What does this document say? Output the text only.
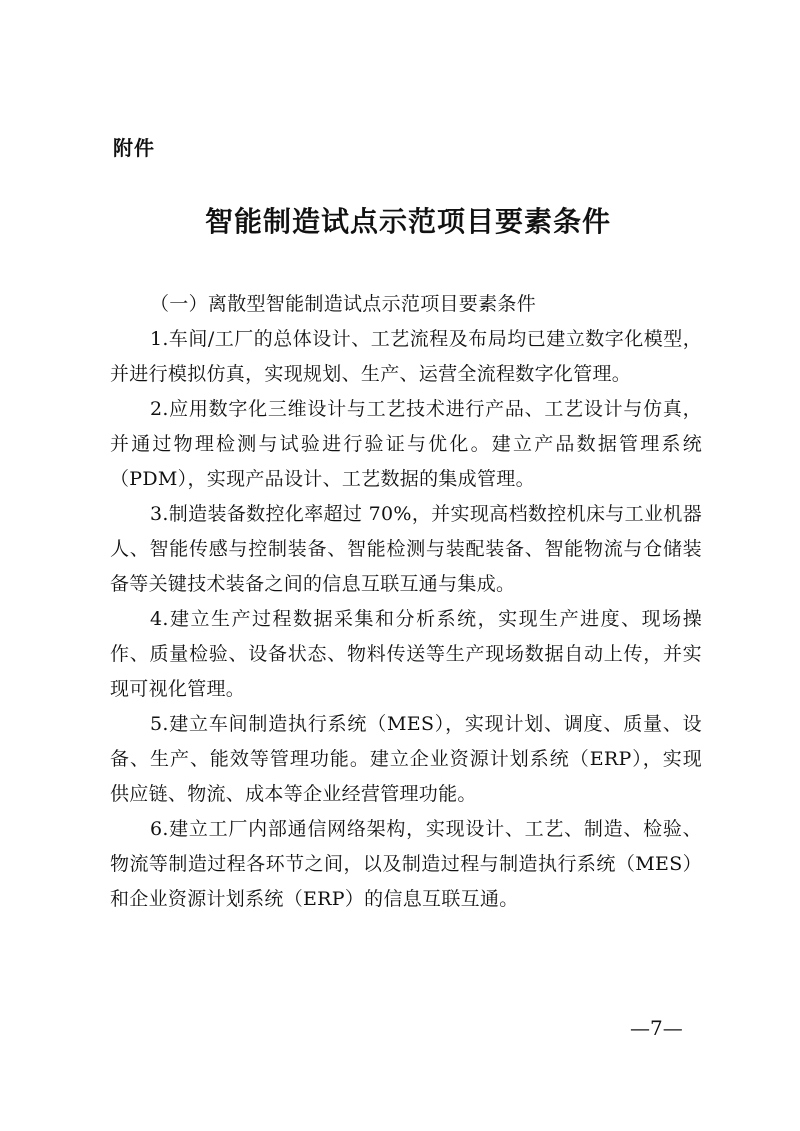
附件
智能制造试点示范项目要素条件

（一）离散型智能制造试点示范项目要素条件

1.车间/工厂的总体设计、工艺流程及布局均已建立数字化模型，并进行模拟仿真，实现规划、生产、运营全流程数字化管理。

2.应用数字化三维设计与工艺技术进行产品、工艺设计与仿真，并通过物理检测与试验进行验证与优化。建立产品数据管理系统（PDM），实现产品设计、工艺数据的集成管理。

3.制造装备数控化率超过 70%，并实现高档数控机床与工业机器人、智能传感与控制装备、智能检测与装配装备、智能物流与仓储装备等关键技术装备之间的信息互联互通与集成。

4.建立生产过程数据采集和分析系统，实现生产进度、现场操作、质量检验、设备状态、物料传送等生产现场数据自动上传，并实现可视化管理。

5.建立车间制造执行系统（MES），实现计划、调度、质量、设备、生产、能效等管理功能。建立企业资源计划系统（ERP），实现供应链、物流、成本等企业经营管理功能。

6.建立工厂内部通信网络架构，实现设计、工艺、制造、检验、物流等制造过程各环节之间，以及制造过程与制造执行系统（MES）和企业资源计划系统（ERP）的信息互联互通。

—7—
